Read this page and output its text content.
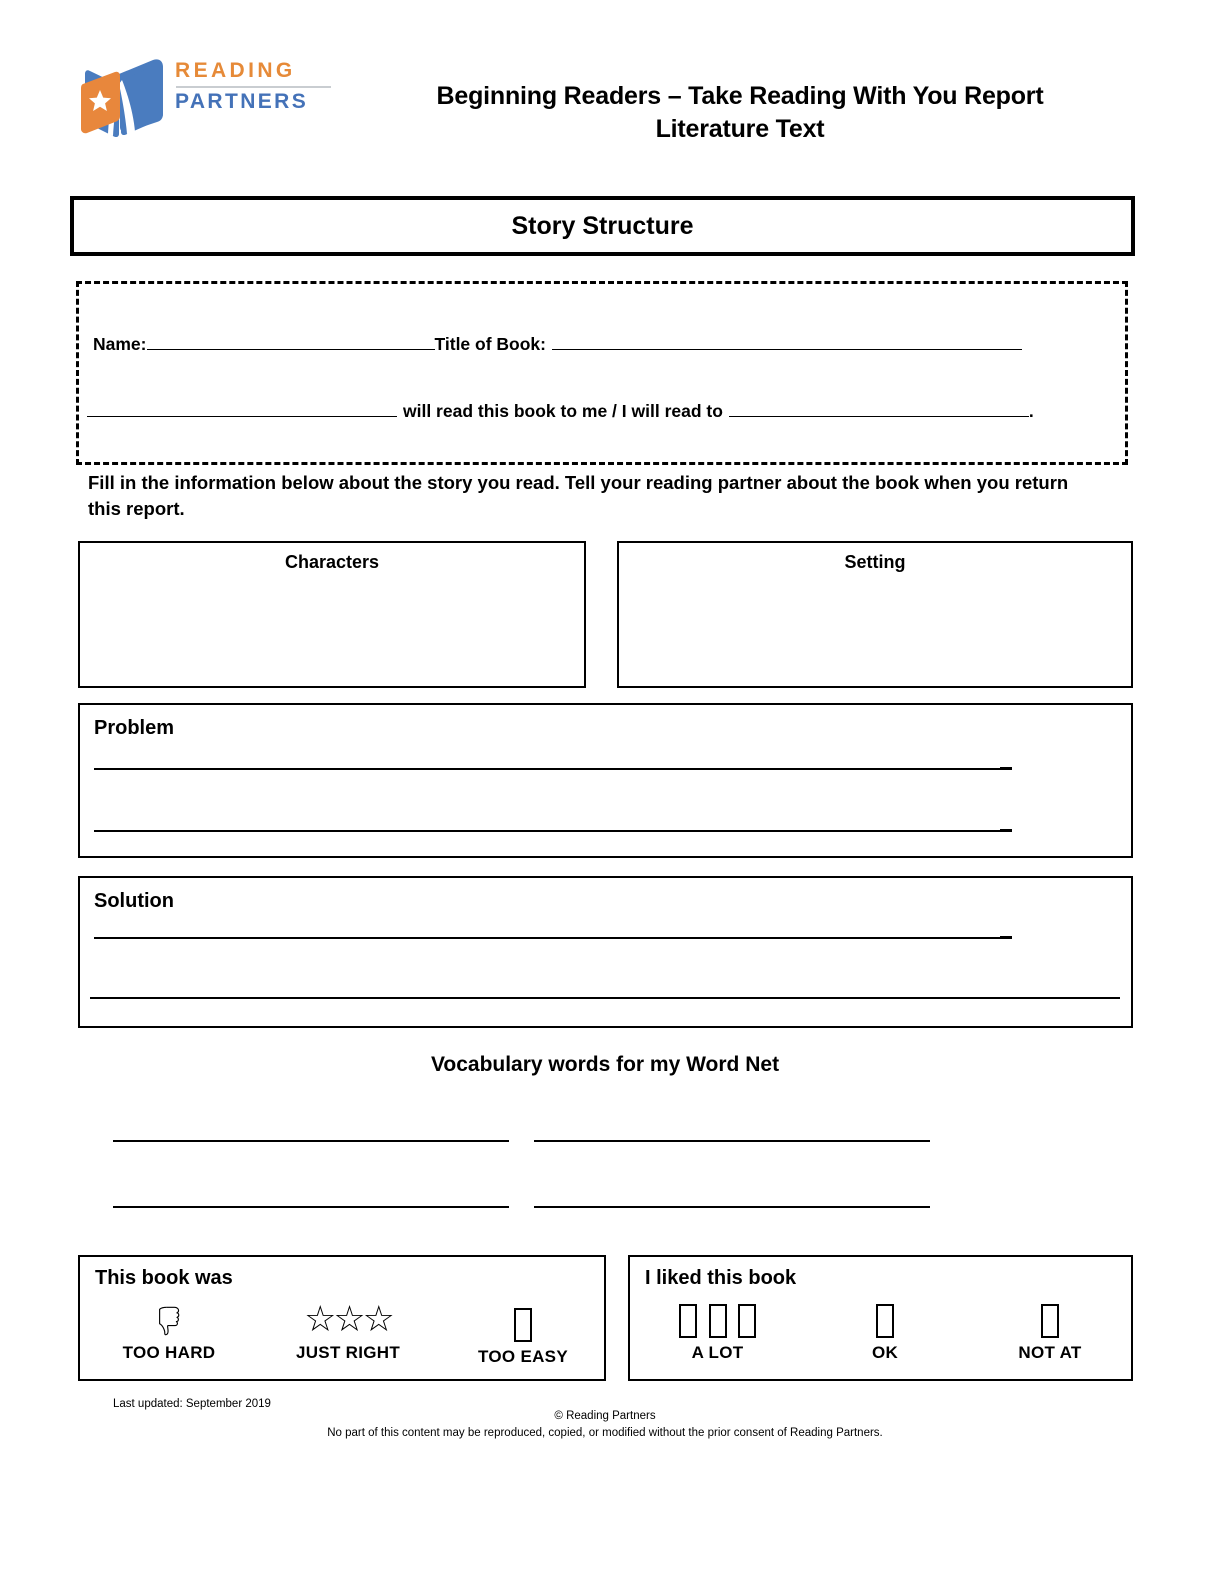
READING
PARTNERS	Beginning Readers – Take Reading With You Report
Literature Text
Story Structure
Name:	Title of Book:
will read this book to me / I will read to	.
Fill in the information below about the story you read. Tell your reading partner about the book when you return this report.
Characters	Setting
Problem
Solution
Vocabulary words for my Word Net
This book was
TOO HARD
☆☆☆
JUST RIGHT	TOO EASY
I liked this book

A LOT	OK	NOT AT
Last updated: September 2019
© Reading Partners
No part of this content may be reproduced, copied, or modified without the prior consent of Reading Partners.
